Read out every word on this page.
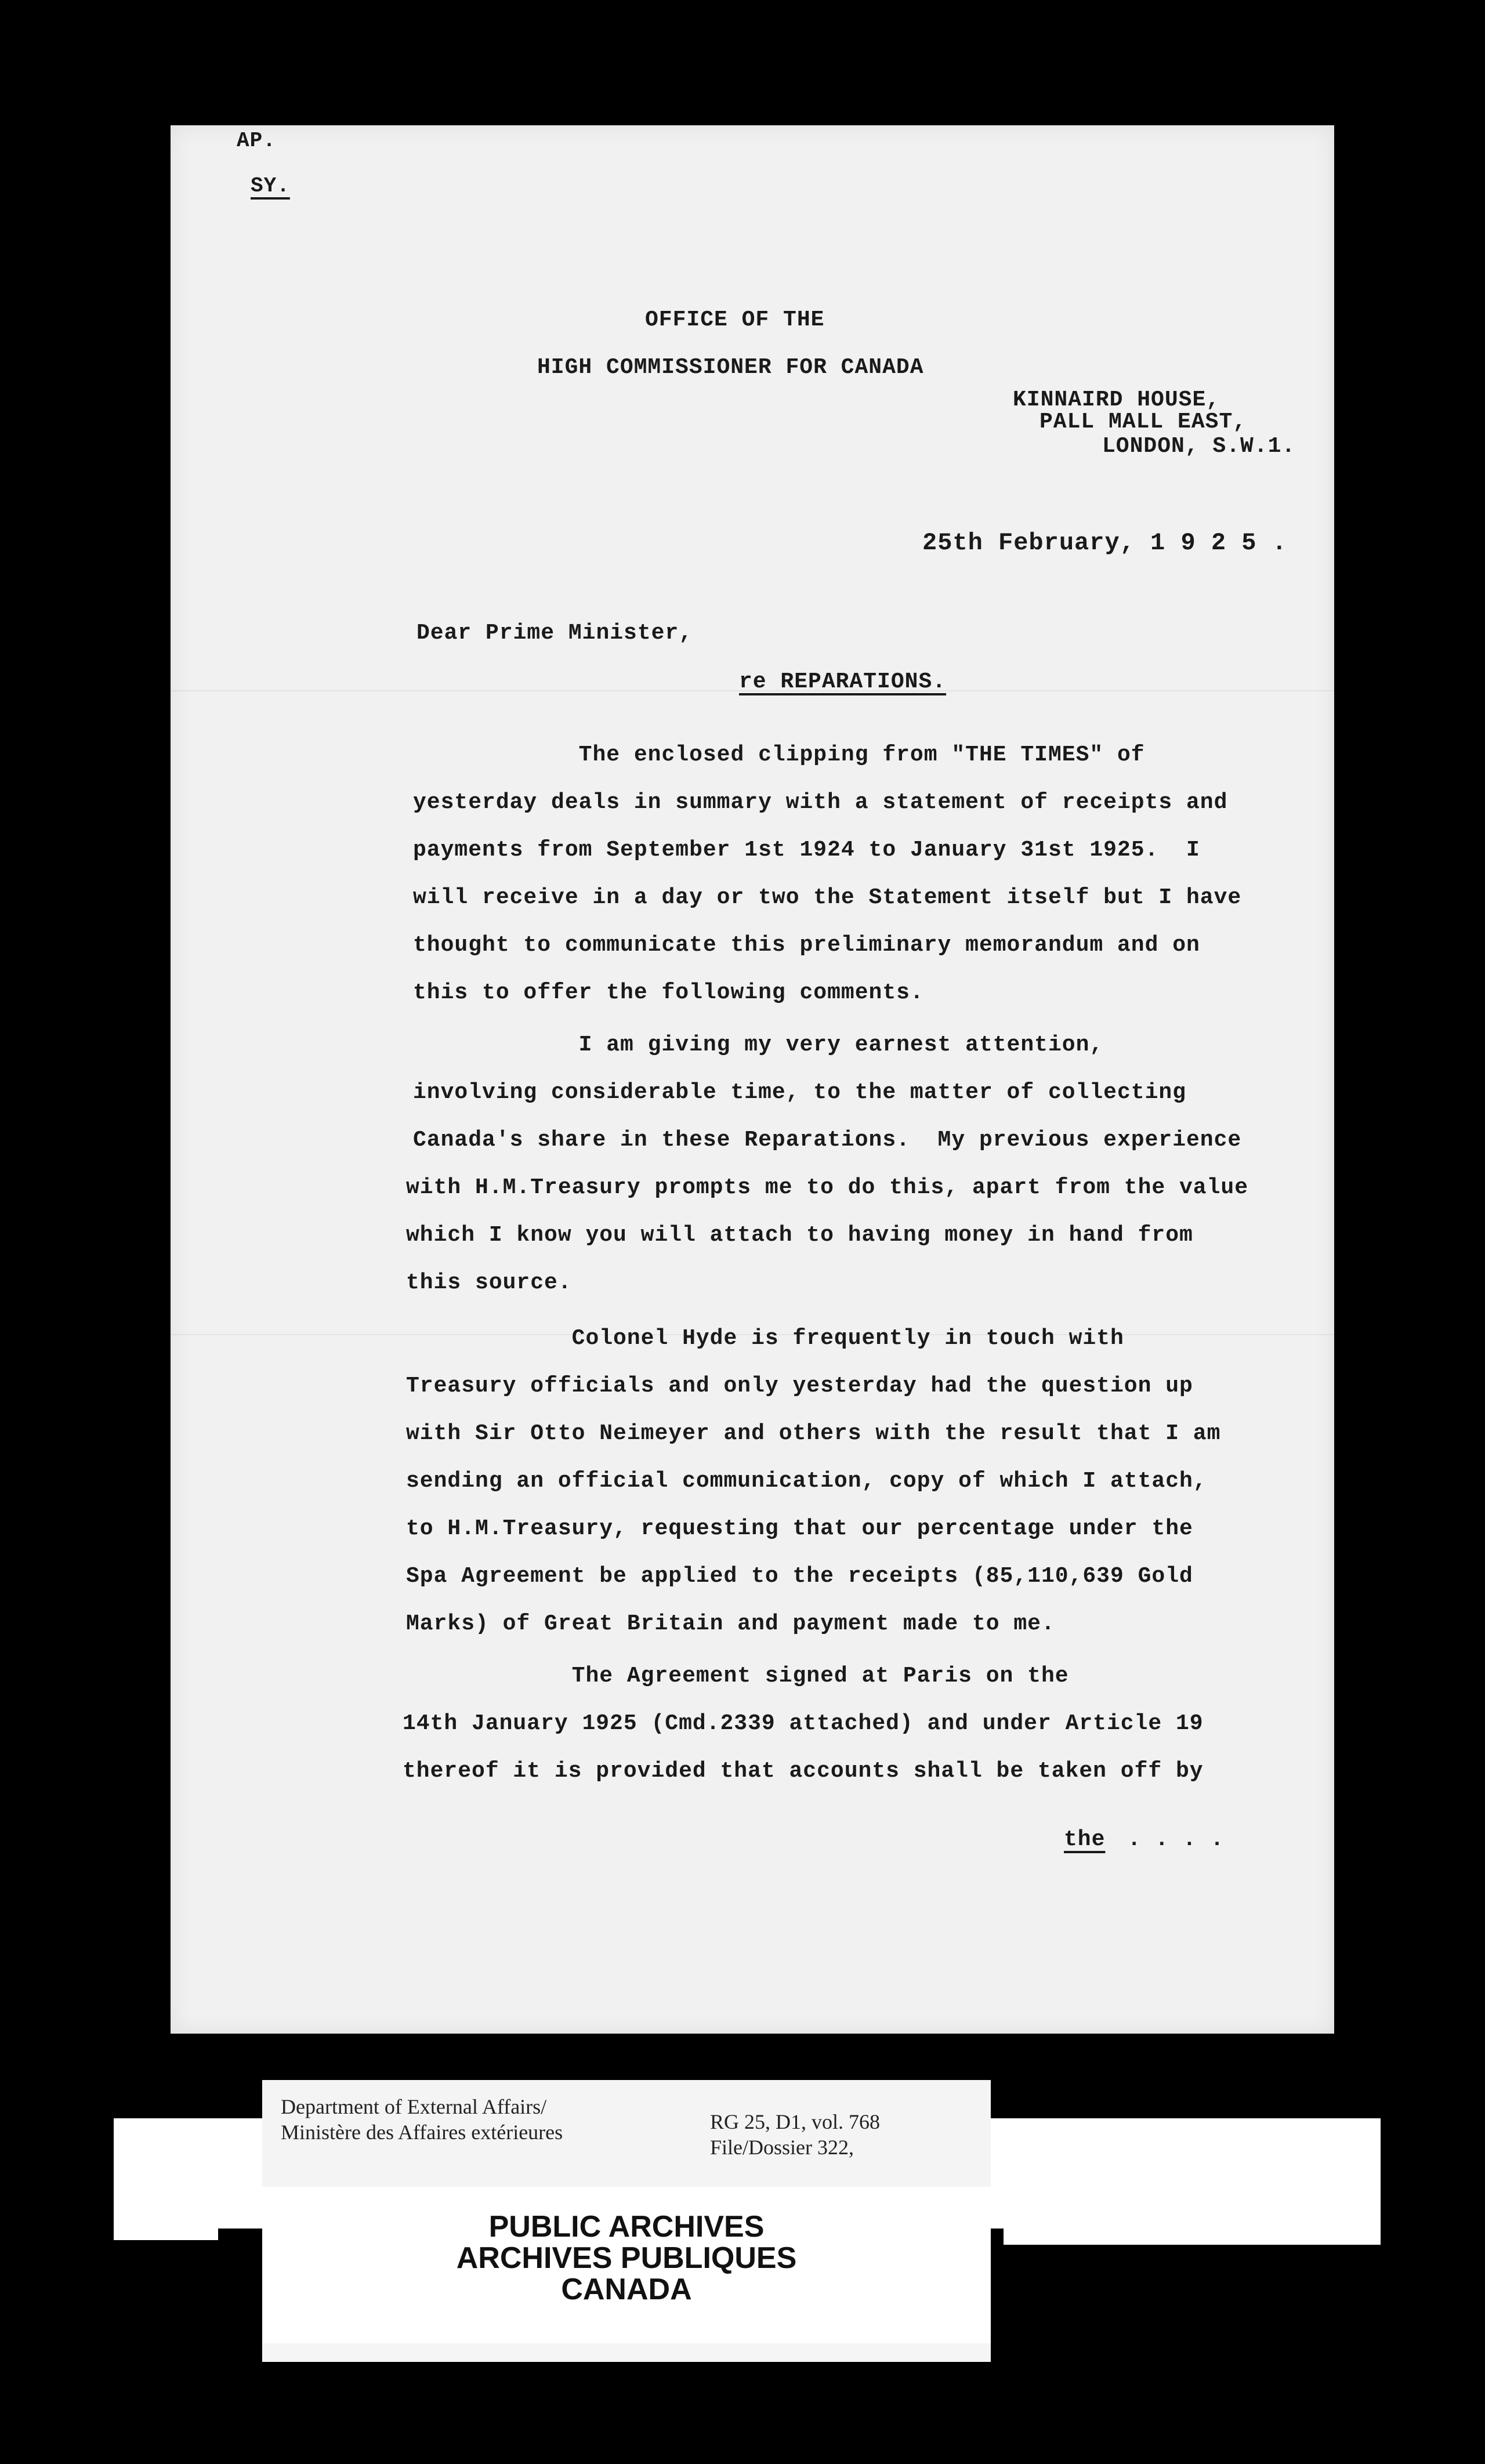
AP.
SY.
OFFICE OF THE
HIGH COMMISSIONER FOR CANADA
KINNAIRD HOUSE,
PALL MALL EAST,
LONDON, S.W.1.
25th February, 1 9 2 5 .
Dear Prime Minister,
re REPARATIONS.
The enclosed clipping from "THE TIMES" of
yesterday deals in summary with a statement of receipts and
payments from September 1st 1924 to January 31st 1925.  I
will receive in a day or two the Statement itself but I have
thought to communicate this preliminary memorandum and on
this to offer the following comments.
I am giving my very earnest attention,
involving considerable time, to the matter of collecting
Canada's share in these Reparations.  My previous experience
with H.M.Treasury prompts me to do this, apart from the value
which I know you will attach to having money in hand from
this source.
Colonel Hyde is frequently in touch with
Treasury officials and only yesterday had the question up
with Sir Otto Neimeyer and others with the result that I am
sending an official communication, copy of which I attach,
to H.M.Treasury, requesting that our percentage under the
Spa Agreement be applied to the receipts (85,110,639 Gold
Marks) of Great Britain and payment made to me.
The Agreement signed at Paris on the
14th January 1925 (Cmd.2339 attached) and under Article 19
thereof it is provided that accounts shall be taken off by
the . . . .
Department of External Affairs/
Ministère des Affaires extérieures	RG 25, D1, vol. 768
File/Dossier 322,
PUBLIC ARCHIVES
ARCHIVES PUBLIQUES
CANADA
